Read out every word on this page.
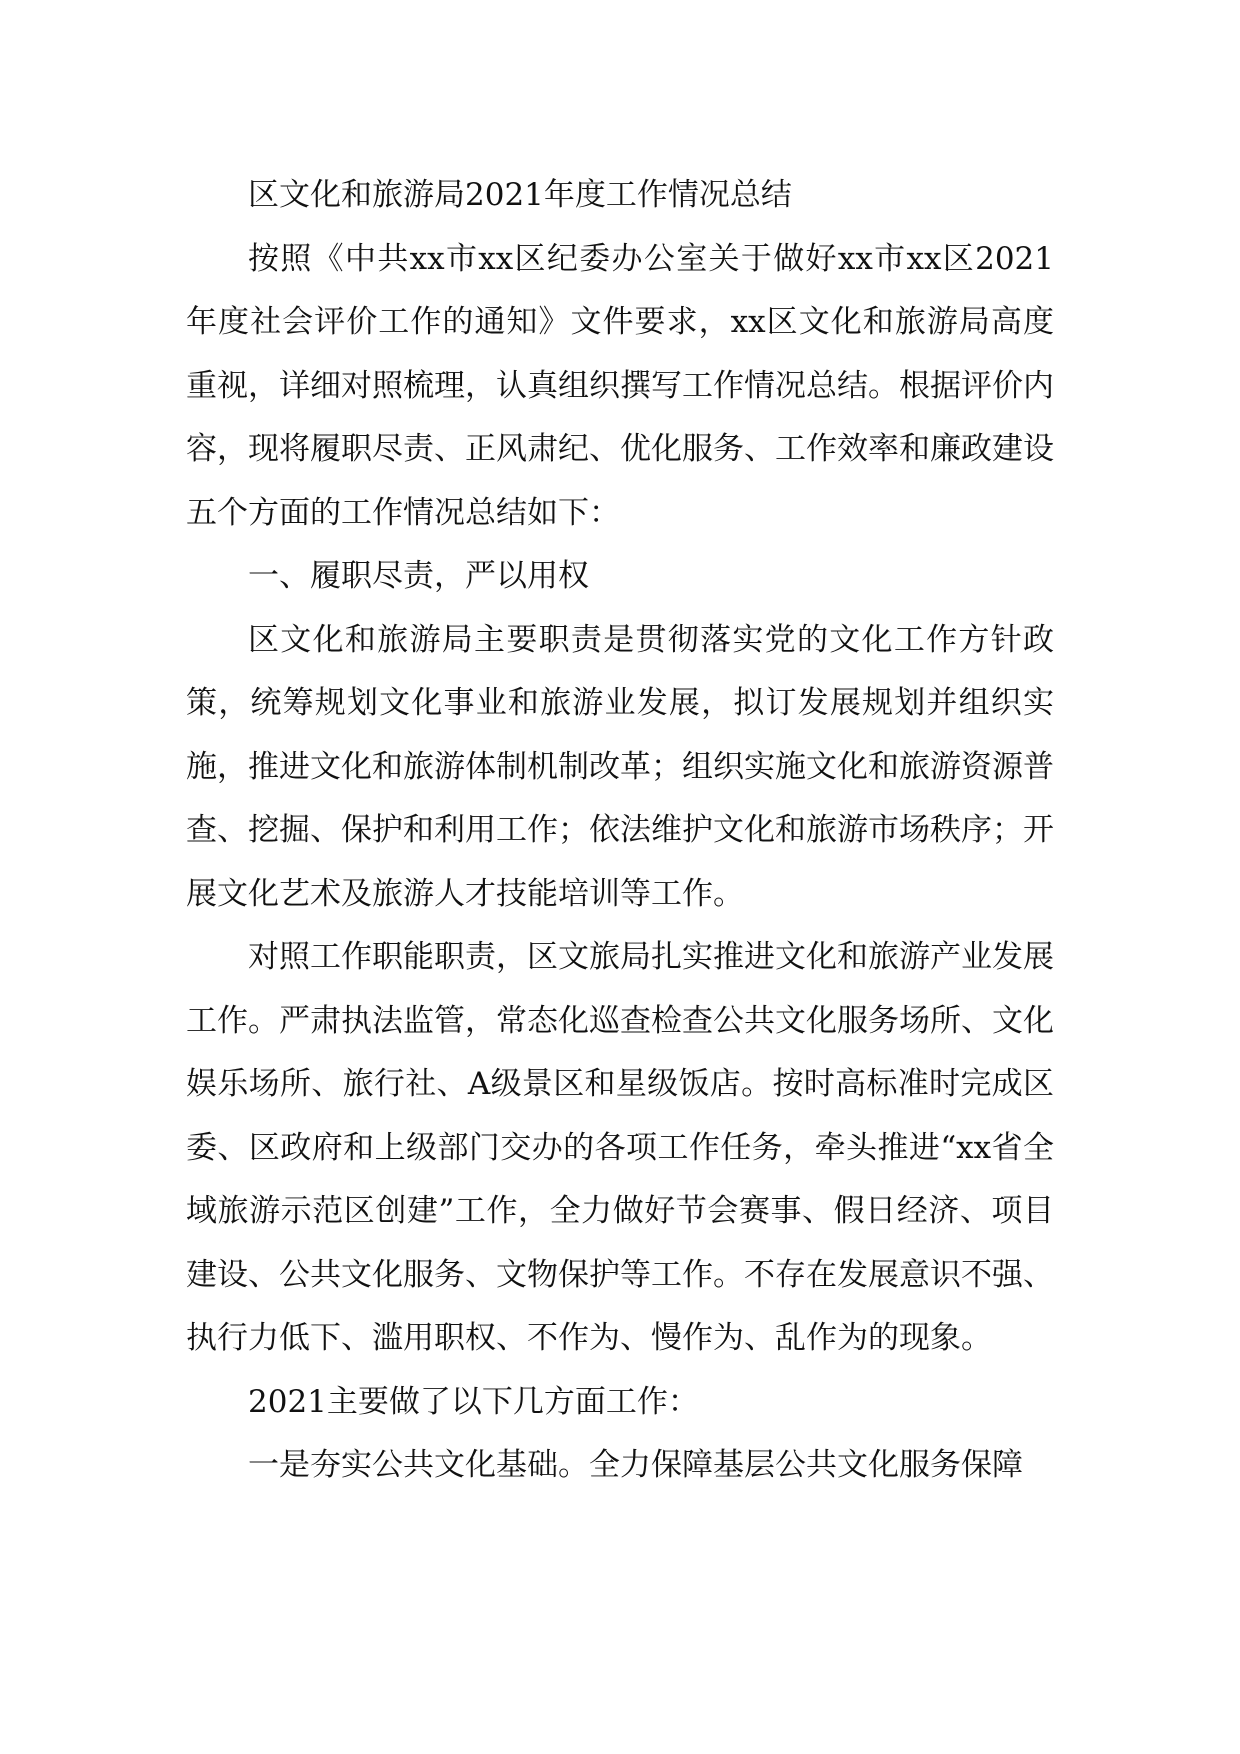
区文化和旅游局2021年度工作情况总结

按照《中共xx市xx区纪委办公室关于做好xx市xx区2021年度社会评价工作的通知》文件要求，xx区文化和旅游局高度重视，详细对照梳理，认真组织撰写工作情况总结。根据评价内容，现将履职尽责、正风肃纪、优化服务、工作效率和廉政建设五个方面的工作情况总结如下：

一、履职尽责，严以用权

区文化和旅游局主要职责是贯彻落实党的文化工作方针政策，统筹规划文化事业和旅游业发展，拟订发展规划并组织实施，推进文化和旅游体制机制改革；组织实施文化和旅游资源普查、挖掘、保护和利用工作；依法维护文化和旅游市场秩序；开展文化艺术及旅游人才技能培训等工作。

对照工作职能职责，区文旅局扎实推进文化和旅游产业发展工作。严肃执法监管，常态化巡查检查公共文化服务场所、文化娱乐场所、旅行社、A级景区和星级饭店。按时高标准时完成区委、区政府和上级部门交办的各项工作任务，牵头推进“xx省全域旅游示范区创建”工作，全力做好节会赛事、假日经济、项目建设、公共文化服务、文物保护等工作。不存在发展意识不强、执行力低下、滥用职权、不作为、慢作为、乱作为的现象。

2021主要做了以下几方面工作：

一是夯实公共文化基础。全力保障基层公共文化服务保障
